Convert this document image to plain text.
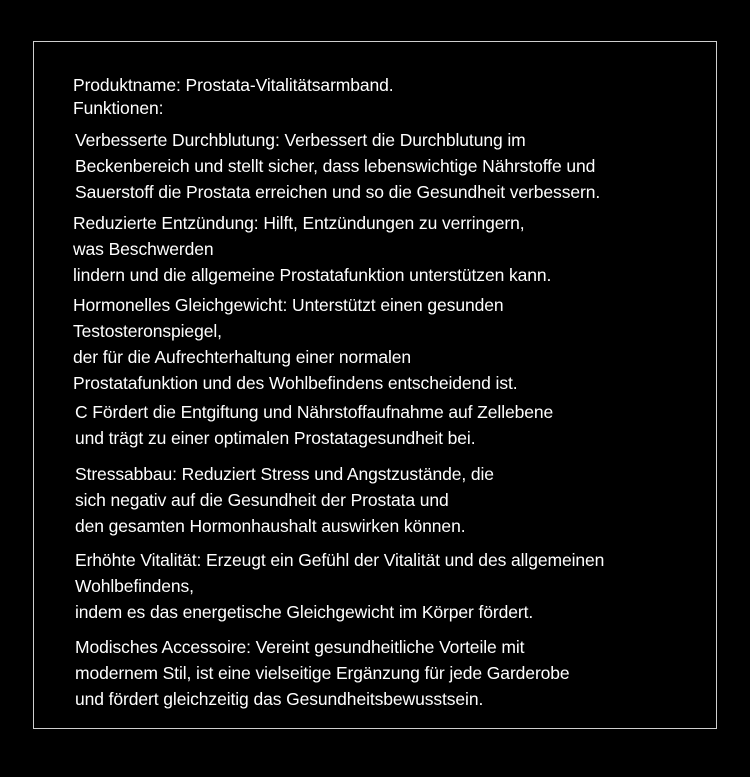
Produktname: Prostata-Vitalitätsarmband.
Funktionen:
Verbesserte Durchblutung: Verbessert die Durchblutung im
Beckenbereich und stellt sicher, dass lebenswichtige Nährstoffe und
Sauerstoff die Prostata erreichen und so die Gesundheit verbessern.
Reduzierte Entzündung: Hilft, Entzündungen zu verringern,
was Beschwerden
lindern und die allgemeine Prostatafunktion unterstützen kann.
Hormonelles Gleichgewicht: Unterstützt einen gesunden
Testosteronspiegel,
der für die Aufrechterhaltung einer normalen
Prostatafunktion und des Wohlbefindens entscheidend ist.
C Fördert die Entgiftung und Nährstoffaufnahme auf Zellebene
und trägt zu einer optimalen Prostatagesundheit bei.
Stressabbau: Reduziert Stress und Angstzustände, die
sich negativ auf die Gesundheit der Prostata und
den gesamten Hormonhaushalt auswirken können.
Erhöhte Vitalität: Erzeugt ein Gefühl der Vitalität und des allgemeinen
Wohlbefindens,
indem es das energetische Gleichgewicht im Körper fördert.
Modisches Accessoire: Vereint gesundheitliche Vorteile mit
modernem Stil, ist eine vielseitige Ergänzung für jede Garderobe
und fördert gleichzeitig das Gesundheitsbewusstsein.
